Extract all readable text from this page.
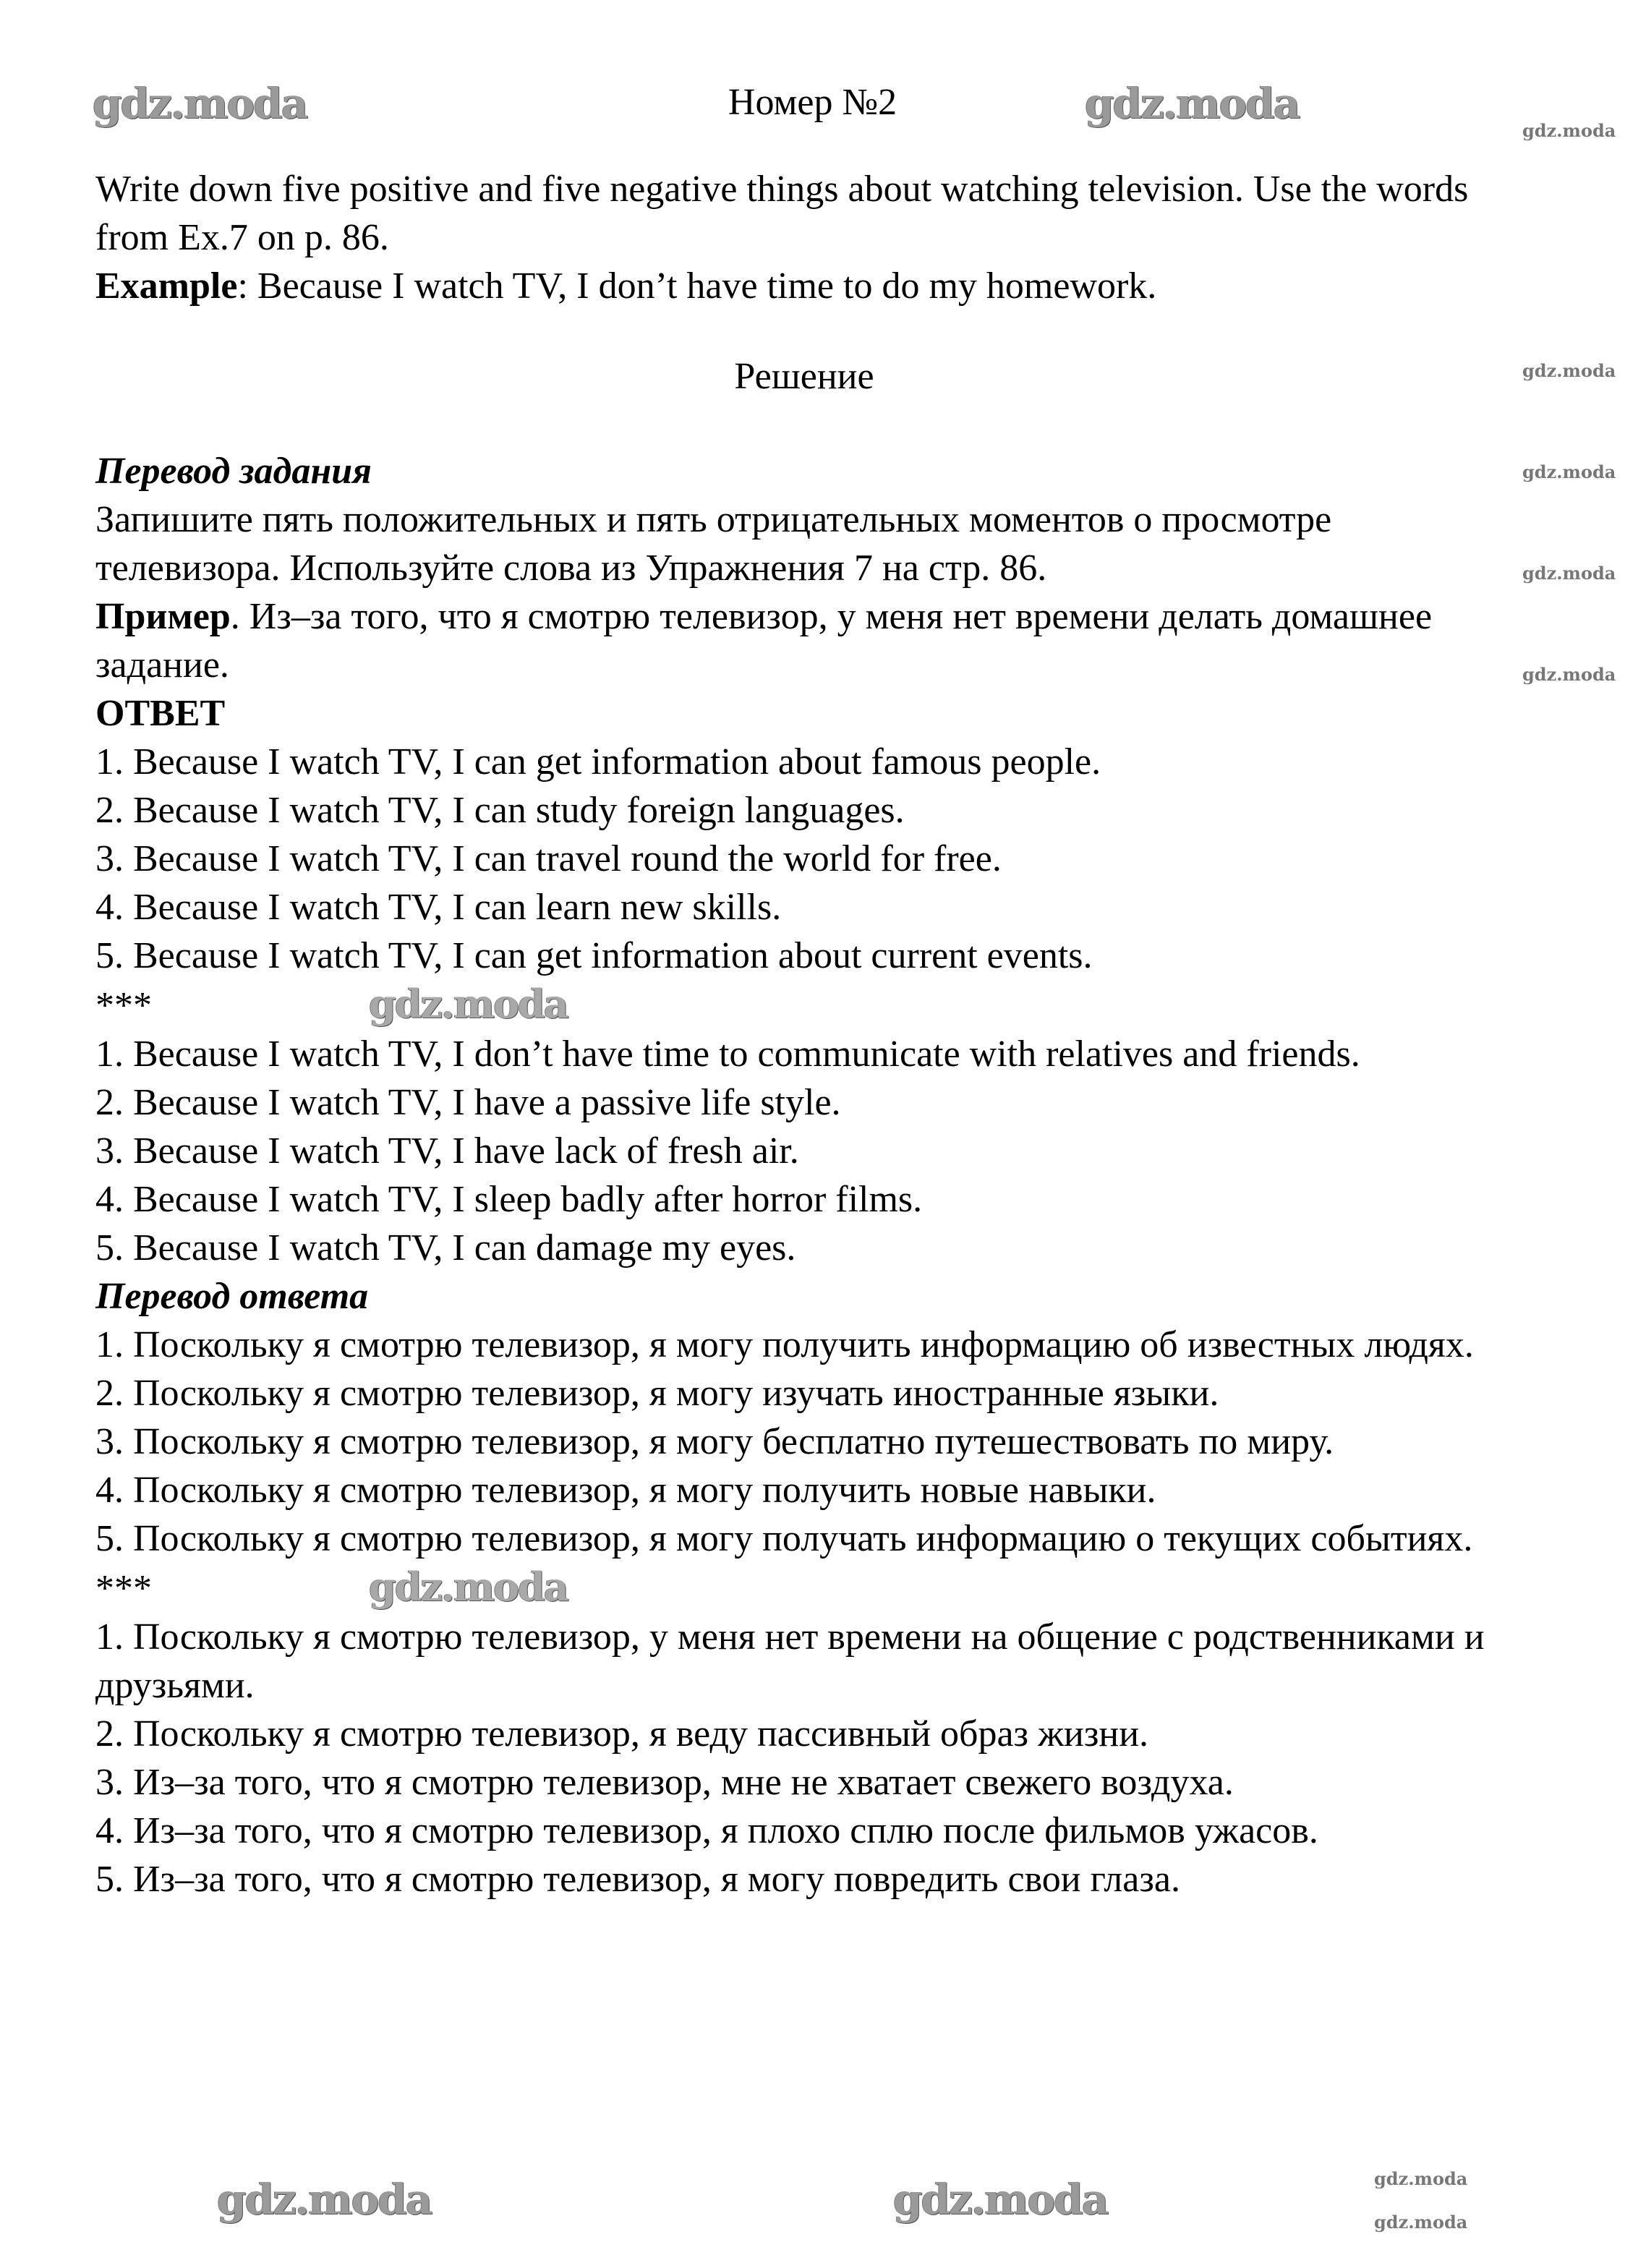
Номер №2

Write down five positive and five negative things about watching television. Use the words from Ex.7 on p. 86.

Example: Because I watch TV, I don’t have time to do my homework.

Решение

Перевод задания

Запишите пять положительных и пять отрицательных моментов о просмотре телевизора. Используйте слова из Упражнения 7 на стр. 86.

Пример. Из–за того, что я смотрю телевизор, у меня нет времени делать домашнее задание.

ОТВЕТ

1. Because I watch TV, I can get information about famous people.

2. Because I watch TV, I can study foreign languages.

3. Because I watch TV, I can travel round the world for free.

4. Because I watch TV, I can learn new skills.

5. Because I watch TV, I can get information about current events.

***	gdz.moda

1. Because I watch TV, I don’t have time to communicate with relatives and friends.

2. Because I watch TV, I have a passive life style.

3. Because I watch TV, I have lack of fresh air.

4. Because I watch TV, I sleep badly after horror films.

5. Because I watch TV, I can damage my eyes.

Перевод ответа

1. Поскольку я смотрю телевизор, я могу получить информацию об известных людях.

2. Поскольку я смотрю телевизор, я могу изучать иностранные языки.

3. Поскольку я смотрю телевизор, я могу бесплатно путешествовать по миру.

4. Поскольку я смотрю телевизор, я могу получить новые навыки.

5. Поскольку я смотрю телевизор, я могу получать информацию о текущих событиях.

***	gdz.moda

1. Поскольку я смотрю телевизор, у меня нет времени на общение с родственниками и друзьями.

2. Поскольку я смотрю телевизор, я веду пассивный образ жизни.

3. Из–за того, что я смотрю телевизор, мне не хватает свежего воздуха.

4. Из–за того, что я смотрю телевизор, я плохо сплю после фильмов ужасов.

5. Из–за того, что я смотрю телевизор, я могу повредить свои глаза.

gdz.moda	gdz.moda
gdz.moda
gdz.moda
gdz.moda
gdz.moda
gdz.moda
gdz.moda	gdz.moda	gdz.moda
gdz.moda
